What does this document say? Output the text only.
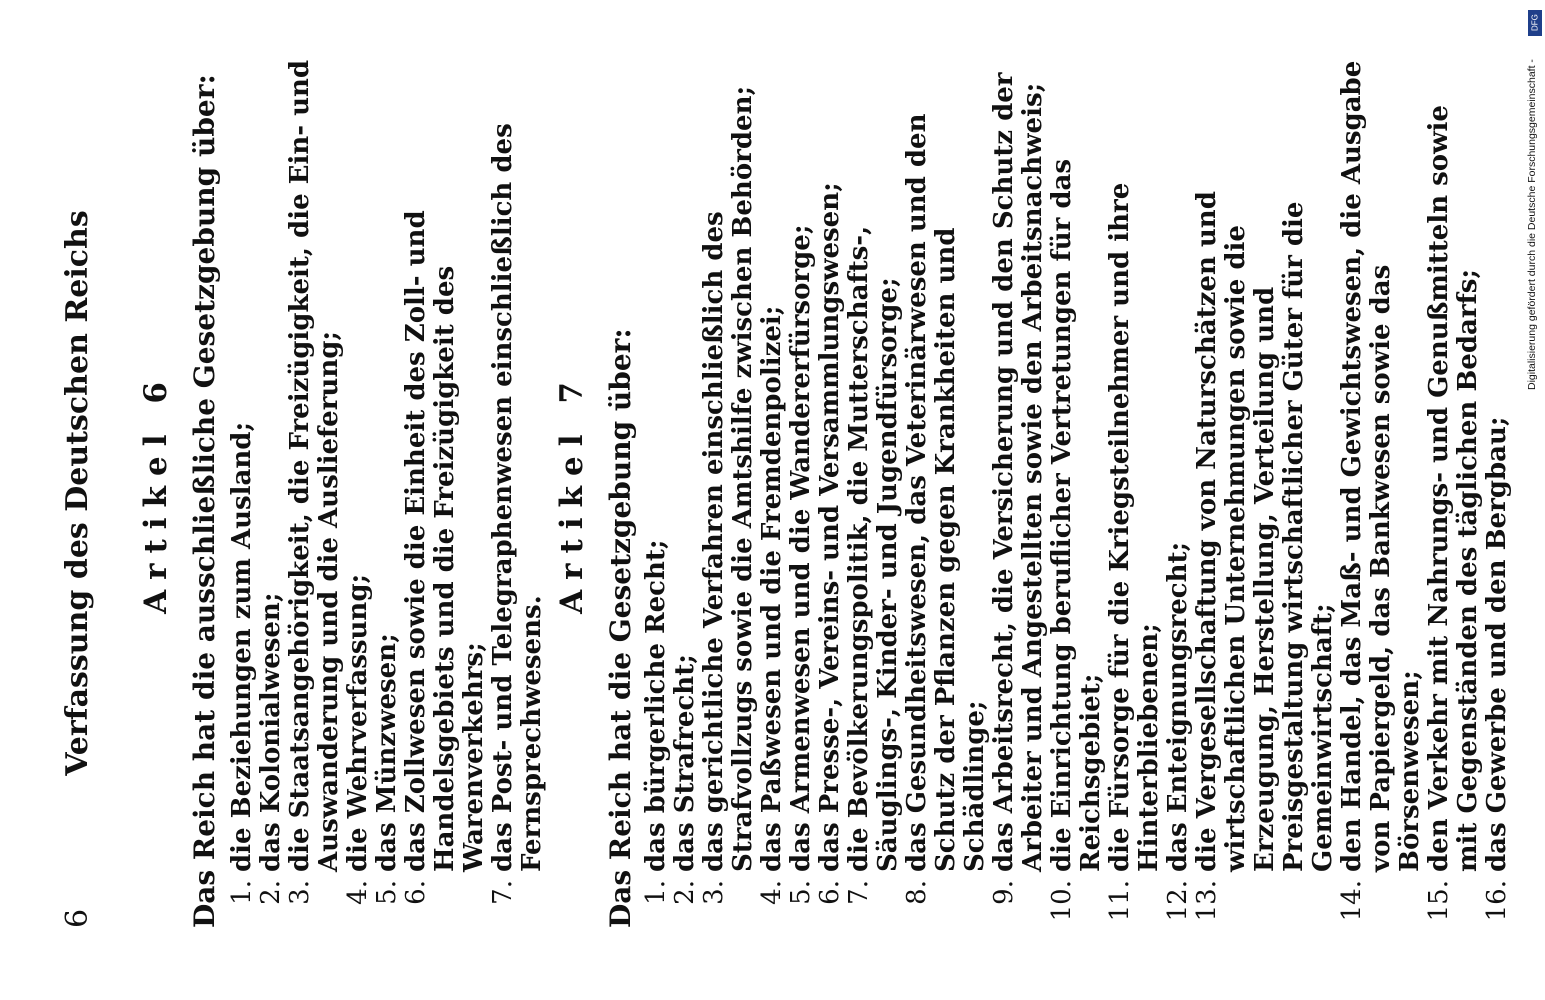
6
Verfassung des Deutschen Reichs Artikel 6 Das Reich hat die ausschließliche Gesetzgebung über: 1.
die Beziehungen zum Ausland;
2.
das Kolonialwesen;
3.
die Staatsangehörigkeit, die Freizügigkeit, die Ein- und Auswanderung und die Auslieferung;
4.
die Wehrverfassung;
5.
das Münzwesen;
6.
das Zollwesen sowie die Einheit des Zoll- und Handelsgebiets und die Freizügigkeit des Warenverkehrs;
7.
das Post- und Telegraphenwesen einschließlich des Fernsprechwesens.
Artikel 7 Das Reich hat die Gesetzgebung über: 1.
das bürgerliche Recht;
2.
das Strafrecht;
3.
das gerichtliche Verfahren einschließlich des Strafvollzugs sowie die Amtshilfe zwischen Behörden;
4.
das Paßwesen und die Fremdenpolizei;
5.
das Armenwesen und die Wandererfürsorge;
6.
das Presse-, Vereins- und Versammlungswesen;
7.
die Bevölkerungspolitik, die Mutterschafts-, Säuglings-, Kinder- und Jugendfürsorge;
8.
das Gesundheitswesen, das Veterinärwesen und den Schutz der Pflanzen gegen Krankheiten und Schädlinge;
9.
das Arbeitsrecht, die Versicherung und den Schutz der Arbeiter und Angestellten sowie den Arbeitsnachweis;
10.
die Einrichtung beruflicher Vertretungen für das Reichsgebiet;
11.
die Fürsorge für die Kriegsteilnehmer und ihre Hinterbliebenen;
12.
das Enteignungsrecht;
13.
die Vergesellschaftung von Naturschätzen und wirtschaftlichen Unternehmungen sowie die Erzeugung, Herstellung, Verteilung und Preisgestaltung wirtschaftlicher Güter für die Gemeinwirtschaft;
14.
den Handel, das Maß- und Gewichtswesen, die Ausgabe von Papiergeld, das Bankwesen sowie das Börsenwesen;
15.
den Verkehr mit Nahrungs- und Genußmitteln sowie mit Gegenständen des täglichen Bedarfs;
16.
das Gewerbe und den Bergbau;
Digitalisierung gefördert durch die Deutsche Forschungsgemeinschaft -
DFG
